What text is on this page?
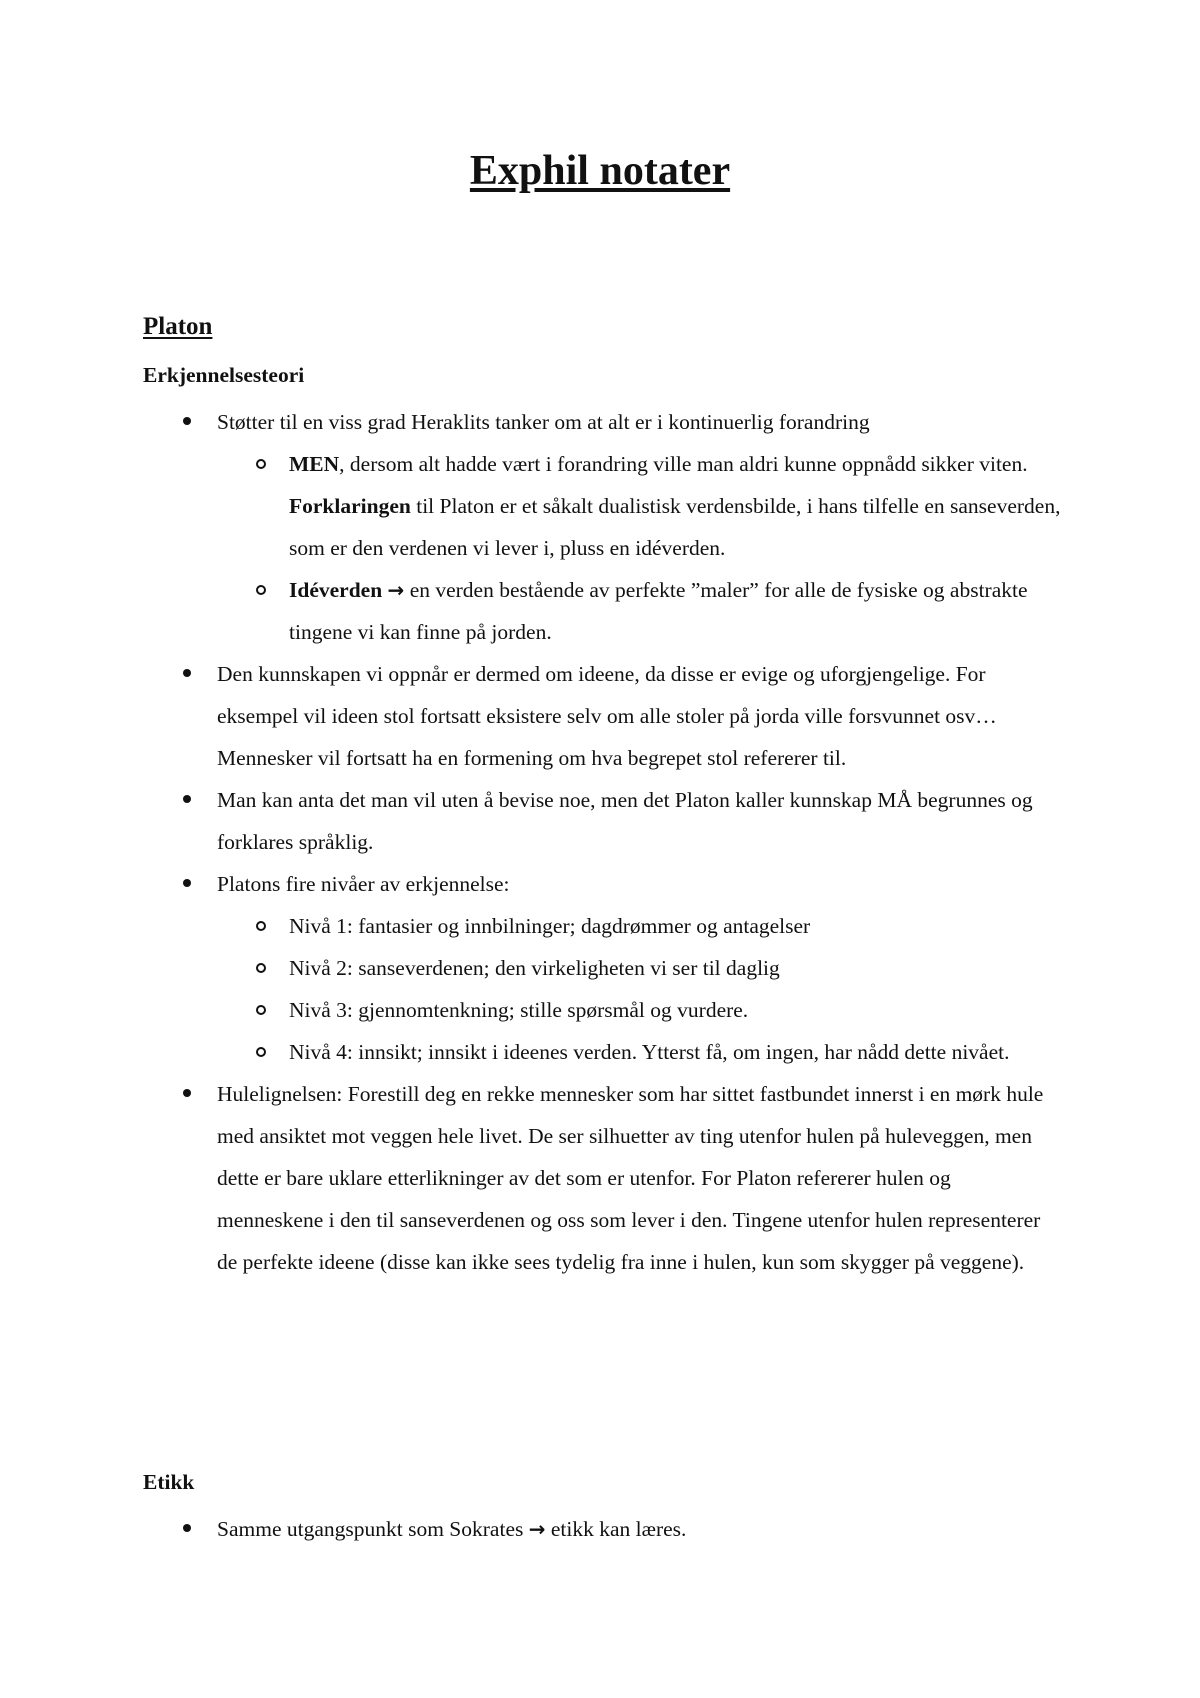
Exphil notater
Platon
Erkjennelsesteori
Støtter til en viss grad Heraklits tanker om at alt er i kontinuerlig forandring
MEN, dersom alt hadde vært i forandring ville man aldri kunne oppnådd sikker viten. Forklaringen til Platon er et såkalt dualistisk verdensbilde, i hans tilfelle en sanseverden, som er den verdenen vi lever i, pluss en idéverden.
Idéverden → en verden bestående av perfekte ”maler” for alle de fysiske og abstrakte tingene vi kan finne på jorden.
Den kunnskapen vi oppnår er dermed om ideene, da disse er evige og uforgjengelige. For eksempel vil ideen stol fortsatt eksistere selv om alle stoler på jorda ville forsvunnet osv… Mennesker vil fortsatt ha en formening om hva begrepet stol refererer til.
Man kan anta det man vil uten å bevise noe, men det Platon kaller kunnskap MÅ begrunnes og forklares språklig.
Platons fire nivåer av erkjennelse:
Nivå 1: fantasier og innbilninger; dagdrømmer og antagelser
Nivå 2: sanseverdenen; den virkeligheten vi ser til daglig
Nivå 3: gjennomtenkning; stille spørsmål og vurdere.
Nivå 4: innsikt; innsikt i ideenes verden. Ytterst få, om ingen, har nådd dette nivået.
Hulelignelsen: Forestill deg en rekke mennesker som har sittet fastbundet innerst i en mørk hule med ansiktet mot veggen hele livet. De ser silhuetter av ting utenfor hulen på huleveggen, men dette er bare uklare etterlikninger av det som er utenfor. For Platon refererer hulen og menneskene i den til sanseverdenen og oss som lever i den. Tingene utenfor hulen representerer de perfekte ideene (disse kan ikke sees tydelig fra inne i hulen, kun som skygger på veggene).
Etikk
Samme utgangspunkt som Sokrates → etikk kan læres.
